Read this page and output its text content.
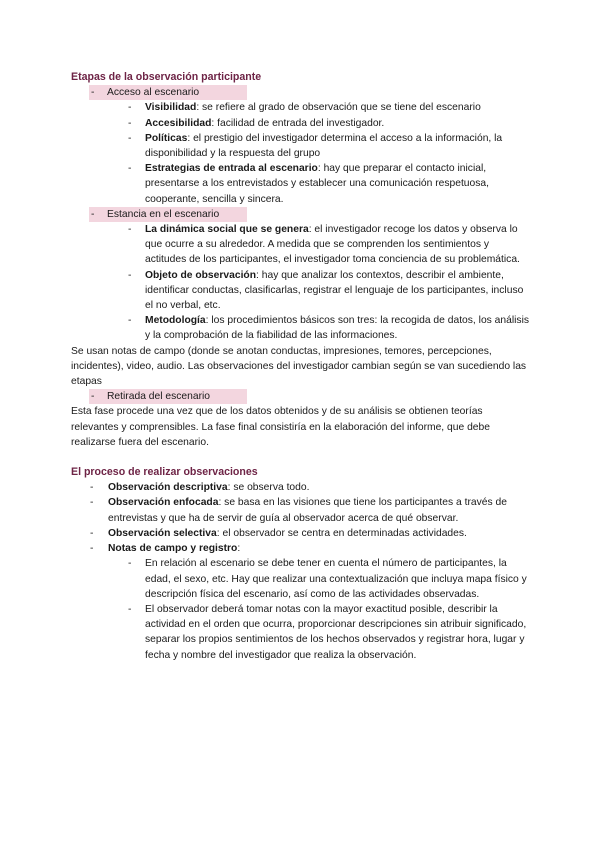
Etapas de la observación participante
- Acceso al escenario
- Visibilidad: se refiere al grado de observación que se tiene del escenario
- Accesibilidad: facilidad de entrada del investigador.
- Políticas: el prestigio del investigador determina el acceso a la información, la disponibilidad y la respuesta del grupo
- Estrategias de entrada al escenario: hay que preparar el contacto inicial, presentarse a los entrevistados y establecer una comunicación respetuosa, cooperante, sencilla y sincera.
- Estancia en el escenario
- La dinámica social que se genera: el investigador recoge los datos y observa lo que ocurre a su alrededor. A medida que se comprenden los sentimientos y actitudes de los participantes, el investigador toma conciencia de su problemática.
- Objeto de observación: hay que analizar los contextos, describir el ambiente, identificar conductas, clasificarlas, registrar el lenguaje de los participantes, incluso el no verbal, etc.
- Metodología: los procedimientos básicos son tres: la recogida de datos, los análisis y la comprobación de la fiabilidad de las informaciones.

Se usan notas de campo (donde se anotan conductas, impresiones, temores, percepciones, incidentes), video, audio. Las observaciones del investigador cambian según se van sucediendo las etapas

- Retirada del escenario

Esta fase procede una vez que de los datos obtenidos y de su análisis se obtienen teorías relevantes y comprensibles. La fase final consistiría en la elaboración del informe, que debe realizarse fuera del escenario.

El proceso de realizar observaciones
- Observación descriptiva: se observa todo.
- Observación enfocada: se basa en las visiones que tiene los participantes a través de entrevistas y que ha de servir de guía al observador acerca de qué observar.
- Observación selectiva: el observador se centra en determinadas actividades.
- Notas de campo y registro:
- En relación al escenario se debe tener en cuenta el número de participantes, la edad, el sexo, etc. Hay que realizar una contextualización que incluya mapa físico y descripción física del escenario, así como de las actividades observadas.
- El observador deberá tomar notas con la mayor exactitud posible, describir la actividad en el orden que ocurra, proporcionar descripciones sin atribuir significado, separar los propios sentimientos de los hechos observados y registrar hora, lugar y fecha y nombre del investigador que realiza la observación.
